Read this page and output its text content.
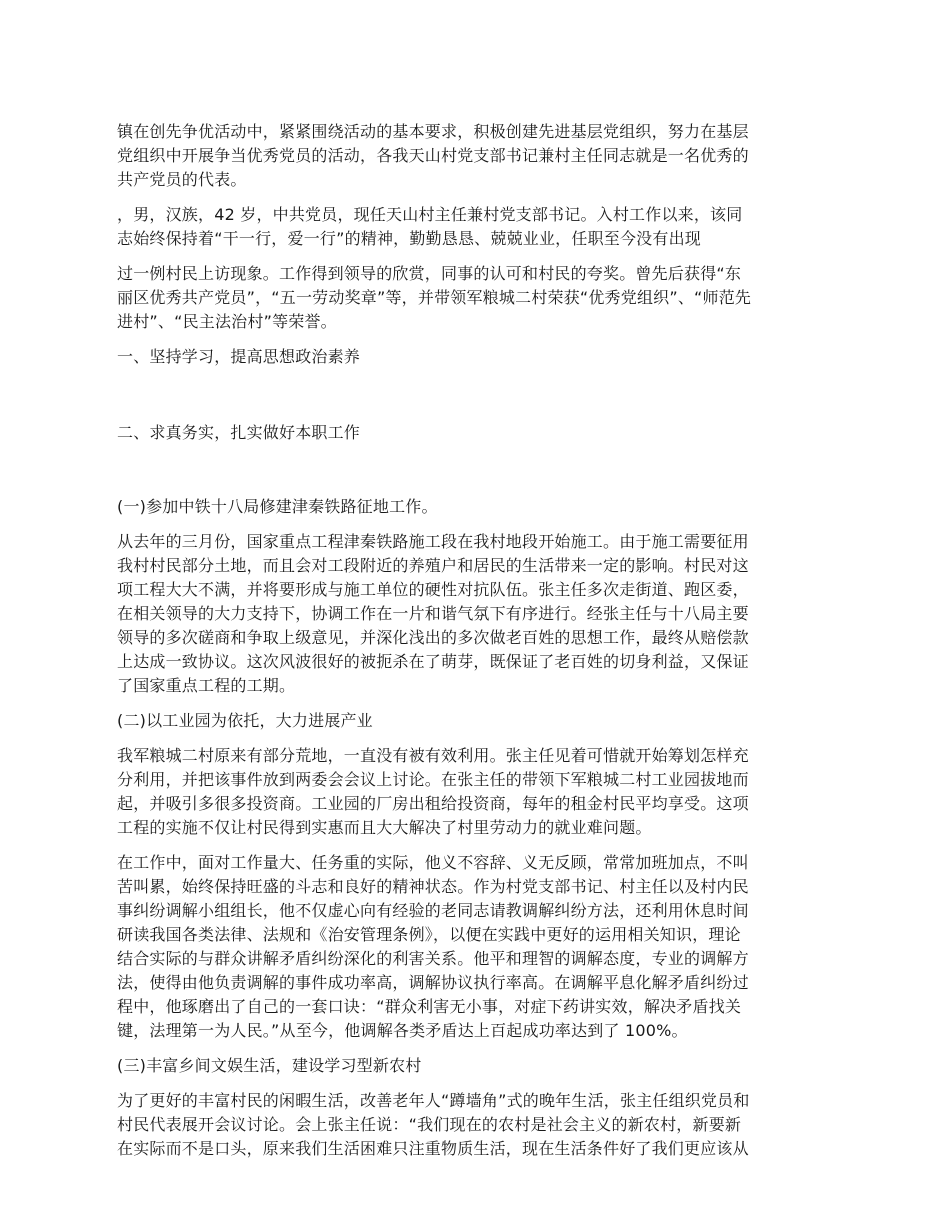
镇在创先争优活动中，紧紧围绕活动的基本要求，积极创建先进基层党组织，努力在基层
党组织中开展争当优秀党员的活动，各我天山村党支部书记兼村主任同志就是一名优秀的
共产党员的代表。

，男，汉族，42 岁，中共党员，现任天山村主任兼村党支部书记。入村工作以来，该同
志始终保持着“干一行，爱一行”的精神，勤勤恳恳、兢兢业业，任职至今没有出现

过一例村民上访现象。工作得到领导的欣赏，同事的认可和村民的夸奖。曾先后获得“东
丽区优秀共产党员”，“五一劳动奖章”等，并带领军粮城二村荣获“优秀党组织”、“师范先
进村”、“民主法治村”等荣誉。

一、坚持学习，提高思想政治素养

二、求真务实，扎实做好本职工作

(一)参加中铁十八局修建津秦铁路征地工作。

从去年的三月份，国家重点工程津秦铁路施工段在我村地段开始施工。由于施工需要征用
我村村民部分土地，而且会对工段附近的养殖户和居民的生活带来一定的影响。村民对这
项工程大大不满，并将要形成与施工单位的硬性对抗队伍。张主任多次走街道、跑区委，
在相关领导的大力支持下，协调工作在一片和谐气氛下有序进行。经张主任与十八局主要
领导的多次磋商和争取上级意见，并深化浅出的多次做老百姓的思想工作，最终从赔偿款
上达成一致协议。这次风波很好的被扼杀在了萌芽，既保证了老百姓的切身利益，又保证
了国家重点工程的工期。

(二)以工业园为依托，大力进展产业

我军粮城二村原来有部分荒地，一直没有被有效利用。张主任见着可惜就开始筹划怎样充
分利用，并把该事件放到两委会会议上讨论。在张主任的带领下军粮城二村工业园拔地而
起，并吸引多很多投资商。工业园的厂房出租给投资商，每年的租金村民平均享受。这项
工程的实施不仅让村民得到实惠而且大大解决了村里劳动力的就业难问题。

在工作中，面对工作量大、任务重的实际，他义不容辞、义无反顾，常常加班加点，不叫
苦叫累，始终保持旺盛的斗志和良好的精神状态。作为村党支部书记、村主任以及村内民
事纠纷调解小组组长，他不仅虚心向有经验的老同志请教调解纠纷方法，还利用休息时间
研读我国各类法律、法规和《治安管理条例》，以便在实践中更好的运用相关知识，理论
结合实际的与群众讲解矛盾纠纷深化的利害关系。他平和理智的调解态度，专业的调解方
法，使得由他负责调解的事件成功率高，调解协议执行率高。在调解平息化解矛盾纠纷过
程中，他琢磨出了自己的一套口诀：“群众利害无小事，对症下药讲实效，解决矛盾找关
键，法理第一为人民。”从至今，他调解各类矛盾达上百起成功率达到了 100%。

(三)丰富乡间文娱生活，建设学习型新农村

为了更好的丰富村民的闲暇生活，改善老年人“蹲墙角”式的晚年生活，张主任组织党员和
村民代表展开会议讨论。会上张主任说：“我们现在的农村是社会主义的新农村，新要新
在实际而不是口头，原来我们生活困难只注重物质生活，现在生活条件好了我们更应该从
